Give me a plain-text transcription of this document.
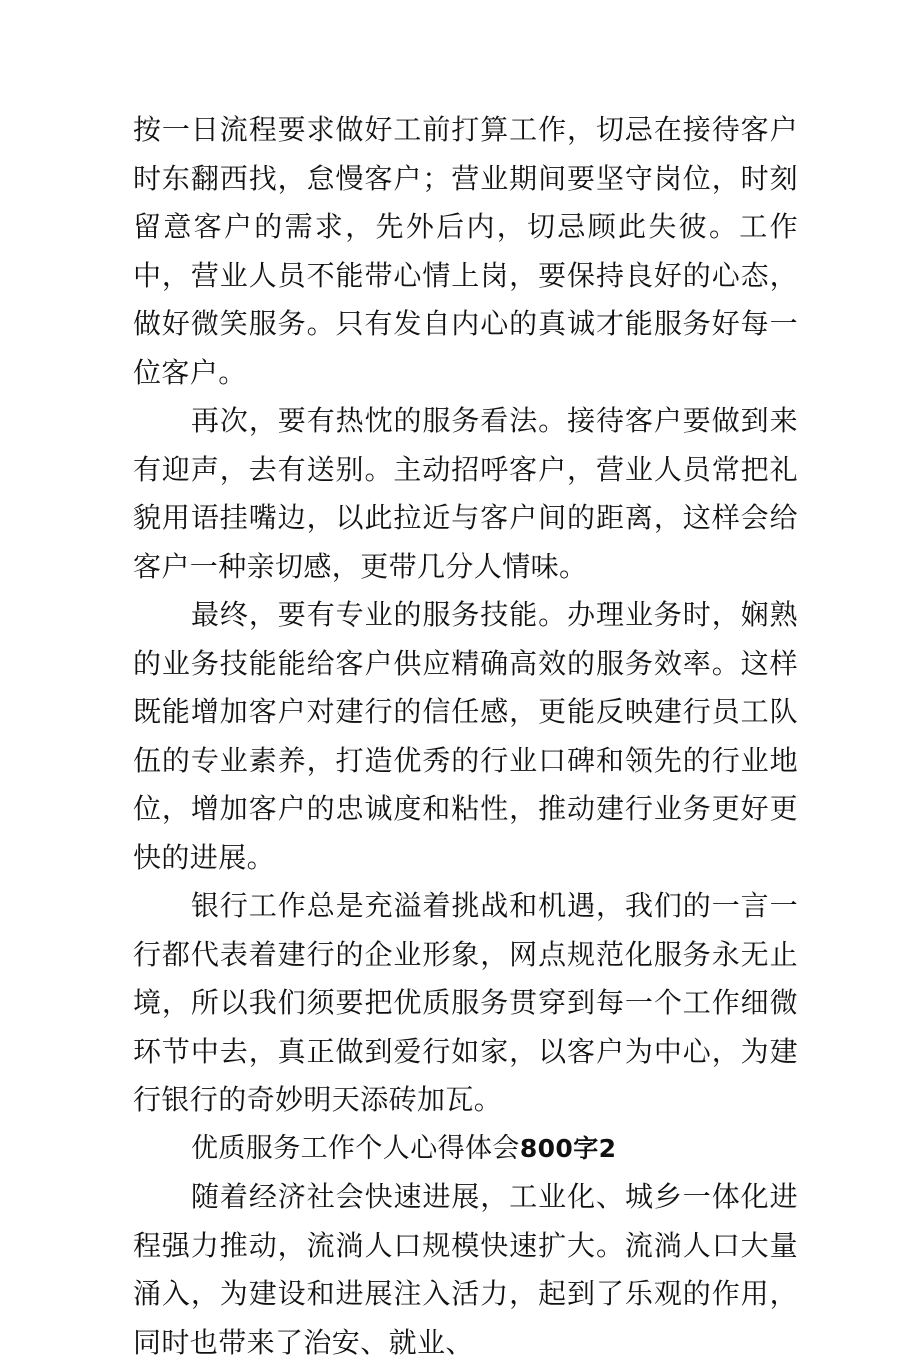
按一日流程要求做好工前打算工作，切忌在接待客户时东翻西找，怠慢客户；营业期间要坚守岗位，时刻留意客户的需求，先外后内，切忌顾此失彼。工作中，营业人员不能带心情上岗，要保持良好的心态，做好微笑服务。只有发自内心的真诚才能服务好每一位客户。

再次，要有热忱的服务看法。接待客户要做到来有迎声，去有送别。主动招呼客户，营业人员常把礼貌用语挂嘴边，以此拉近与客户间的距离，这样会给客户一种亲切感，更带几分人情味。

最终，要有专业的服务技能。办理业务时，娴熟的业务技能能给客户供应精确高效的服务效率。这样既能增加客户对建行的信任感，更能反映建行员工队伍的专业素养，打造优秀的行业口碑和领先的行业地位，增加客户的忠诚度和粘性，推动建行业务更好更快的进展。

银行工作总是充溢着挑战和机遇，我们的一言一行都代表着建行的企业形象，网点规范化服务永无止境，所以我们须要把优质服务贯穿到每一个工作细微环节中去，真正做到爱行如家，以客户为中心，为建行银行的奇妙明天添砖加瓦。

优质服务工作个人心得体会800字2

随着经济社会快速进展，工业化、城乡一体化进程强力推动，流淌人口规模快速扩大。流淌人口大量涌入，为建设和进展注入活力，起到了乐观的作用，同时也带来了治安、就业、
